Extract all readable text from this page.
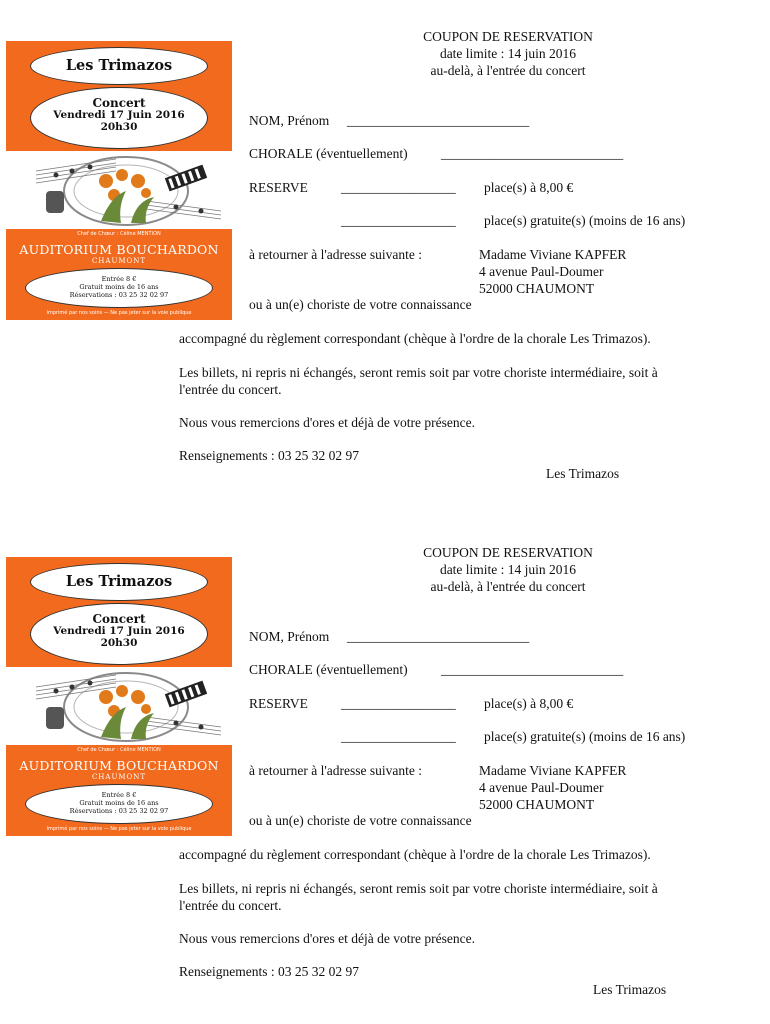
Les Trimazos
Concert
Vendredi 17 Juin 2016
20h30
Chef de Chœur : Céline MENTION
AUDITORIUM BOUCHARDON
CHAUMONT
Entrée 8 €
Gratuit moins de 16 ans
Réservations : 03 25 32 02 97
Imprimé par nos soins — Ne pas jeter sur la voie publique
COUPON DE RESERVATION
date limite : 14 juin 2016
au-delà, à l'entrée du concert
NOM, Prénom ___________________________
CHORALE (éventuellement) ___________________________
RESERVE _________________ place(s) à 8,00 €
_________________ place(s) gratuite(s) (moins de 16 ans)
à retourner à l'adresse suivante :	Madame Viviane KAPFER
4 avenue Paul-Doumer
52000 CHAUMONT
ou à un(e) choriste de votre connaissance
accompagné du règlement correspondant (chèque à l'ordre de la chorale Les Trimazos).
Les billets, ni repris ni échangés, seront remis soit par votre choriste intermédiaire, soit à
l'entrée du concert.
Nous vous remercions d'ores et déjà de votre présence.
Renseignements : 03 25 32 02 97
Les Trimazos
Les Trimazos
Concert
Vendredi 17 Juin 2016
20h30
Chef de Chœur : Céline MENTION
AUDITORIUM BOUCHARDON
CHAUMONT
Entrée 8 €
Gratuit moins de 16 ans
Réservations : 03 25 32 02 97
Imprimé par nos soins — Ne pas jeter sur la voie publique
COUPON DE RESERVATION
date limite : 14 juin 2016
au-delà, à l'entrée du concert
NOM, Prénom ___________________________
CHORALE (éventuellement) ___________________________
RESERVE _________________ place(s) à 8,00 €
_________________ place(s) gratuite(s) (moins de 16 ans)
à retourner à l'adresse suivante :	Madame Viviane KAPFER
4 avenue Paul-Doumer
52000 CHAUMONT
ou à un(e) choriste de votre connaissance
accompagné du règlement correspondant (chèque à l'ordre de la chorale Les Trimazos).
Les billets, ni repris ni échangés, seront remis soit par votre choriste intermédiaire, soit à
l'entrée du concert.
Nous vous remercions d'ores et déjà de votre présence.
Renseignements : 03 25 32 02 97
Les Trimazos
